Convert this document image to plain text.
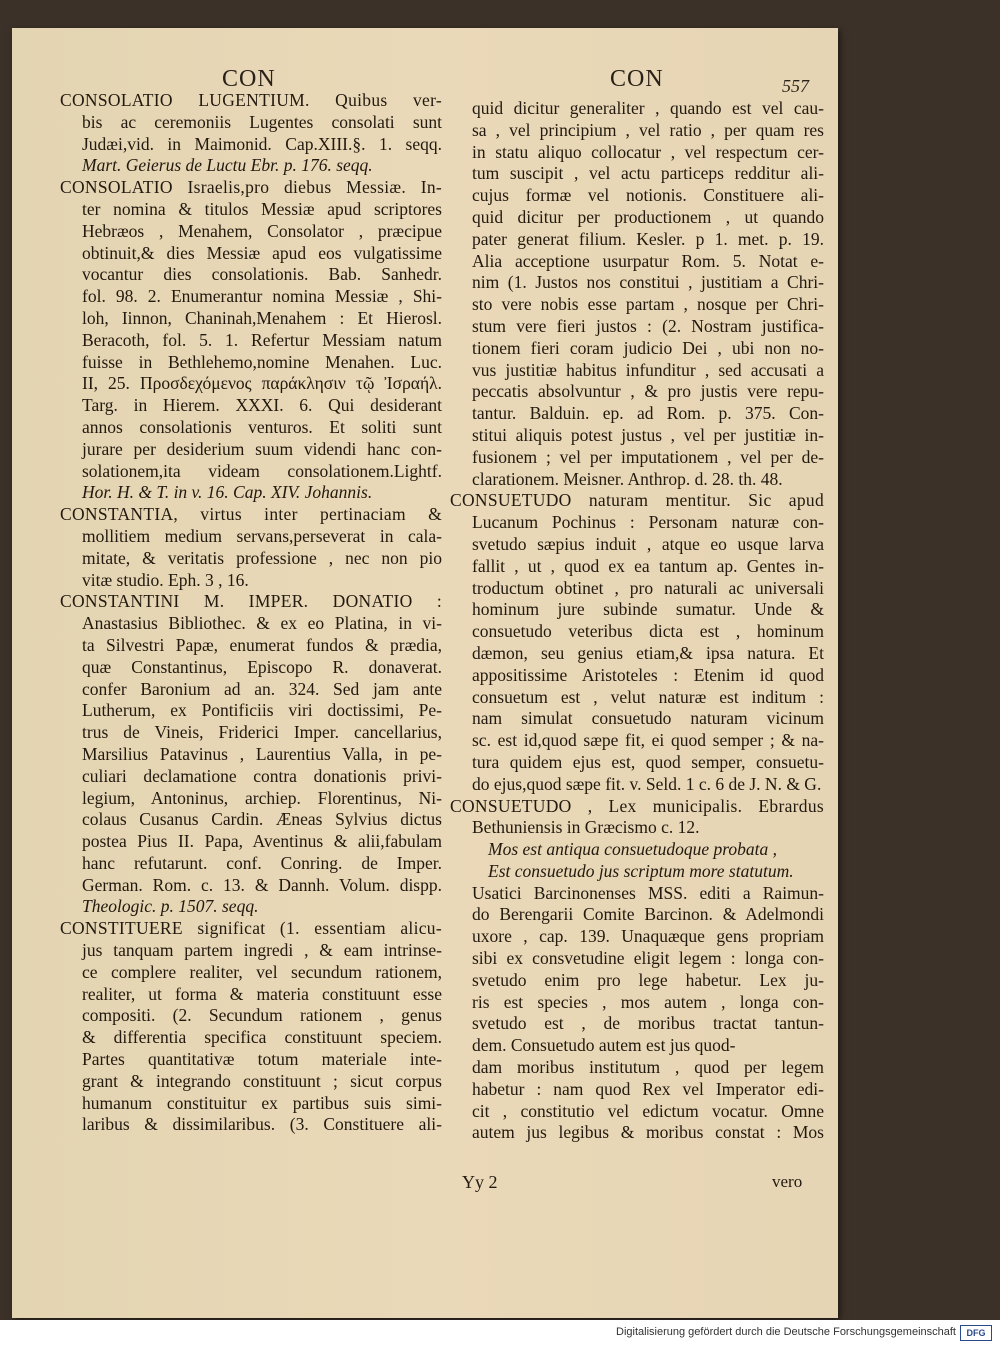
CON	CON	557
CONSOLATIO LUGENTIUM. Quibus ver-
bis ac ceremoniis Lugentes consolati sunt
Judæi,vid. in Maimonid. Cap.XIII.§. 1. seqq.
Mart. Geierus de Luctu Ebr. p. 176. seqq.
CONSOLATIO Israelis,pro diebus Messiæ. In-
ter nomina & titulos Messiæ apud scriptores
Hebræos , Menahem, Consolator , præcipue
obtinuit,& dies Messiæ apud eos vulgatissime
vocantur dies consolationis. Bab. Sanhedr.
fol. 98. 2. Enumerantur nomina Messiæ , Shi-
loh, Iinnon, Chaninah,Menahem : Et Hierosl.
Beracoth, fol. 5. 1. Refertur Messiam natum
fuisse in Bethlehemo,nomine Menahen. Luc.
II, 25. Προσδεχόμενος παράκλησιν τῷ Ἰσραήλ.
Targ. in Hierem. XXXI. 6. Qui desiderant
annos consolationis venturos. Et soliti sunt
jurare per desiderium suum videndi hanc con-
solationem,ita videam consolationem.Lightf.
Hor. H. & T. in v. 16. Cap. XIV. Johannis.
CONSTANTIA, virtus inter pertinaciam &
mollitiem medium servans,perseverat in cala-
mitate, & veritatis professione , nec non pio
vitæ studio. Eph. 3 , 16.
CONSTANTINI M. IMPER. DONATIO :
Anastasius Bibliothec. & ex eo Platina, in vi-
ta Silvestri Papæ, enumerat fundos & prædia,
quæ Constantinus, Episcopo R. donaverat.
confer Baronium ad an. 324. Sed jam ante
Lutherum, ex Pontificiis viri doctissimi, Pe-
trus de Vineis, Friderici Imper. cancellarius,
Marsilius Patavinus , Laurentius Valla, in pe-
culiari declamatione contra donationis privi-
legium, Antoninus, archiep. Florentinus, Ni-
colaus Cusanus Cardin. Æneas Sylvius dictus
postea Pius II. Papa, Aventinus & alii,fabulam
hanc refutarunt. conf. Conring. de Imper.
German. Rom. c. 13. & Dannh. Volum. dispp.
Theologic. p. 1507. seqq.
CONSTITUERE significat (1. essentiam alicu-
jus tanquam partem ingredi , & eam intrinse-
ce complere realiter, vel secundum rationem,
realiter, ut forma & materia constituunt esse
compositi. (2. Secundum rationem , genus
& differentia specifica constituunt speciem.
Partes quantitativæ totum materiale inte-
grant & integrando constituunt ; sicut corpus
humanum constituitur ex partibus suis simi-
laribus & dissimilaribus. (3. Constituere ali-
quid dicitur generaliter , quando est vel cau-
sa , vel principium , vel ratio , per quam res
in statu aliquo collocatur , vel respectum cer-
tum suscipit , vel actu particeps redditur ali-
cujus formæ vel notionis. Constituere ali-
quid dicitur per productionem , ut quando
pater generat filium. Kesler. p 1. met. p. 19.
Alia acceptione usurpatur Rom. 5. Notat e-
nim (1. Justos nos constitui , justitiam a Chri-
sto vere nobis esse partam , nosque per Chri-
stum vere fieri justos : (2. Nostram justifica-
tionem fieri coram judicio Dei , ubi non no-
vus justitiæ habitus infunditur , sed accusati a
peccatis absolvuntur , & pro justis vere repu-
tantur. Balduin. ep. ad Rom. p. 375. Con-
stitui aliquis potest justus , vel per justitiæ in-
fusionem ; vel per imputationem , vel per de-
clarationem. Meisner. Anthrop. d. 28. th. 48.
CONSUETUDO naturam mentitur. Sic apud
Lucanum Pochinus : Personam naturæ con-
svetudo sæpius induit , atque eo usque larva
fallit , ut , quod ex ea tantum ap. Gentes in-
troductum obtinet , pro naturali ac universali
hominum jure subinde sumatur. Unde &
consuetudo veteribus dicta est , hominum
dæmon, seu genius etiam,& ipsa natura. Et
appositissime Aristoteles : Etenim id quod
consuetum est , velut naturæ est inditum :
nam simulat consuetudo naturam vicinum
sc. est id,quod sæpe fit, ei quod semper ; & na-
tura quidem ejus est, quod semper, consuetu-
do ejus,quod sæpe fit. v. Seld. 1 c. 6 de J. N. & G.
CONSUETUDO , Lex municipalis. Ebrardus
Bethuniensis in Græcismo c. 12.
Mos est antiqua consuetudoque probata ,
Est consuetudo jus scriptum more statutum.
Usatici Barcinonenses MSS. editi a Raimun-
do Berengarii Comite Barcinon. & Adelmondi
uxore , cap. 139. Unaquæque gens propriam
sibi ex consvetudine eligit legem : longa con-
svetudo enim pro lege habetur. Lex ju-
ris est species , mos autem , longa con-
svetudo est , de moribus tractat tantun-
dem. Consuetudo autem est jus quod-
dam moribus institutum , quod per legem
habetur : nam quod Rex vel Imperator edi-
cit , constitutio vel edictum vocatur. Omne
autem jus legibus & moribus constat : Mos
Yy 2	vero
Digitalisierung gefördert durch die Deutsche Forschungsgemeinschaft	DFG
